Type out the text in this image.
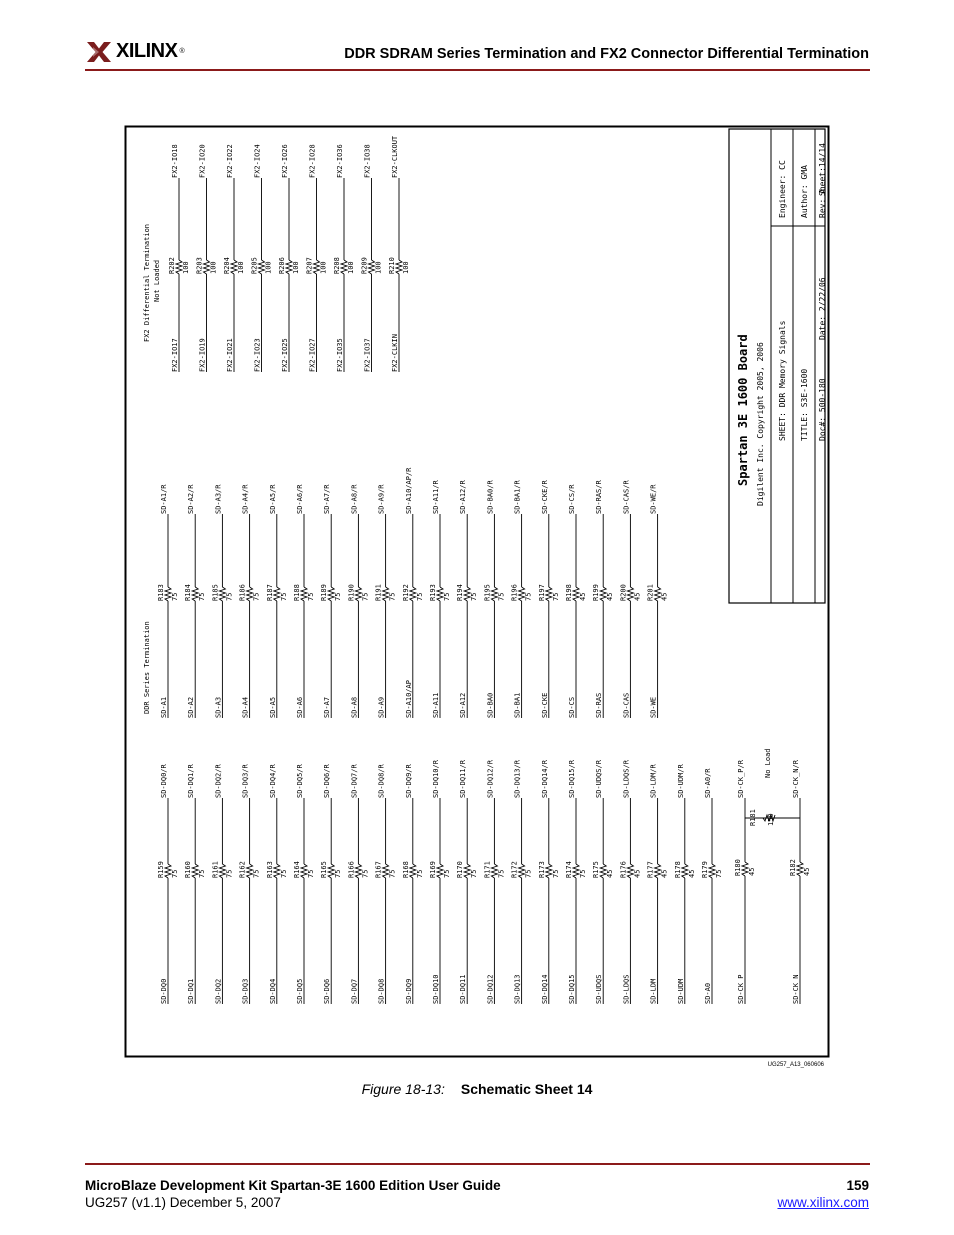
XILINX ®	DDR SDRAM Series Termination and FX2 Connector Differential Termination
Spartan 3E 1600 Board Digilent Inc. Copyright 2005, 2006 SHEET: DDR Memory Signals TITLE: S3E-1600 Doc#: 500-180
Engineer: CC Author: GMA Rev: A
Sheet:14/14
Date: 2/22/06
FX2 Differential Termination Not Loaded
FX2-IO17
FX2-IO18
R202 100
FX2-IO19
FX2-IO20
R203 100
FX2-IO21
FX2-IO22
R204 100
FX2-IO23
FX2-IO24
R205 100
FX2-IO25
FX2-IO26
R206 100
FX2-IO27
FX2-IO28
R207 100
FX2-IO35
FX2-IO36
R208 100
FX2-IO37
FX2-IO38
R209 100
FX2-CLKIN
FX2-CLKOUT
R210 100
DDR Series Termination SD-A1
SD-A1/R
R183 75
SD-A2
SD-A2/R
R184 75
SD-A3
SD-A3/R
R185 75
SD-A4
SD-A4/R
R186 75
SD-A5
SD-A5/R
R187 75
SD-A6
SD-A6/R
R188 75
SD-A7
SD-A7/R
R189 75
SD-A8
SD-A8/R
R190 75
SD-A9
SD-A9/R
R191 75
SD-A10/AP
SD-A10/AP/R
R192 75
SD-A11
SD-A11/R
R193 75
SD-A12
SD-A12/R
R194 75
SD-BA0
SD-BA0/R
R195 75
SD-BA1
SD-BA1/R
R196 75
SD-CKE
SD-CKE/R
R197 75
SD-CS
SD-CS/R
R198 45
SD-RAS
SD-RAS/R
R199 45
SD-CAS
SD-CAS/R
R200 45
SD-WE
SD-WE/R
R201 45
SD-DQ0
SD-DQ0/R
R159 75
SD-DQ1
SD-DQ1/R
R160 75
SD-DQ2
SD-DQ2/R
R161 75
SD-DQ3
SD-DQ3/R
R162 75
SD-DQ4
SD-DQ4/R
R163 75
SD-DQ5
SD-DQ5/R
R164 75
SD-DQ6
SD-DQ6/R
R165 75
SD-DQ7
SD-DQ7/R
R166 75
SD-DQ8
SD-DQ8/R
R167 75
SD-DQ9
SD-DQ9/R
R168 75
SD-DQ10
SD-DQ10/R
R169 75
SD-DQ11
SD-DQ11/R
R170 75
SD-DQ12
SD-DQ12/R
R171 75
SD-DQ13
SD-DQ13/R
R172 75
SD-DQ14
SD-DQ14/R
R173 75
SD-DQ15
SD-DQ15/R
R174 75
SD-UDQS
SD-UDQS/R
R175 45
SD-LDQS
SD-LDQS/R
R176 45
SD-LDM
SD-LDM/R
R177 45
SD-UDM
SD-UDM/R
R178 45
SD-A0
SD-A0/R
R179 75
SD-CK_P
SD-CK_P/R
R180 45
SD-CK_N
SD-CK_N/R
R182 45
R181 150
No Load
UG257_A13_060606
Figure 18-13: Schematic Sheet 14
MicroBlaze Development Kit Spartan-3E 1600 Edition User Guide
UG257 (v1.1) December 5, 2007
159
www.xilinx.com
